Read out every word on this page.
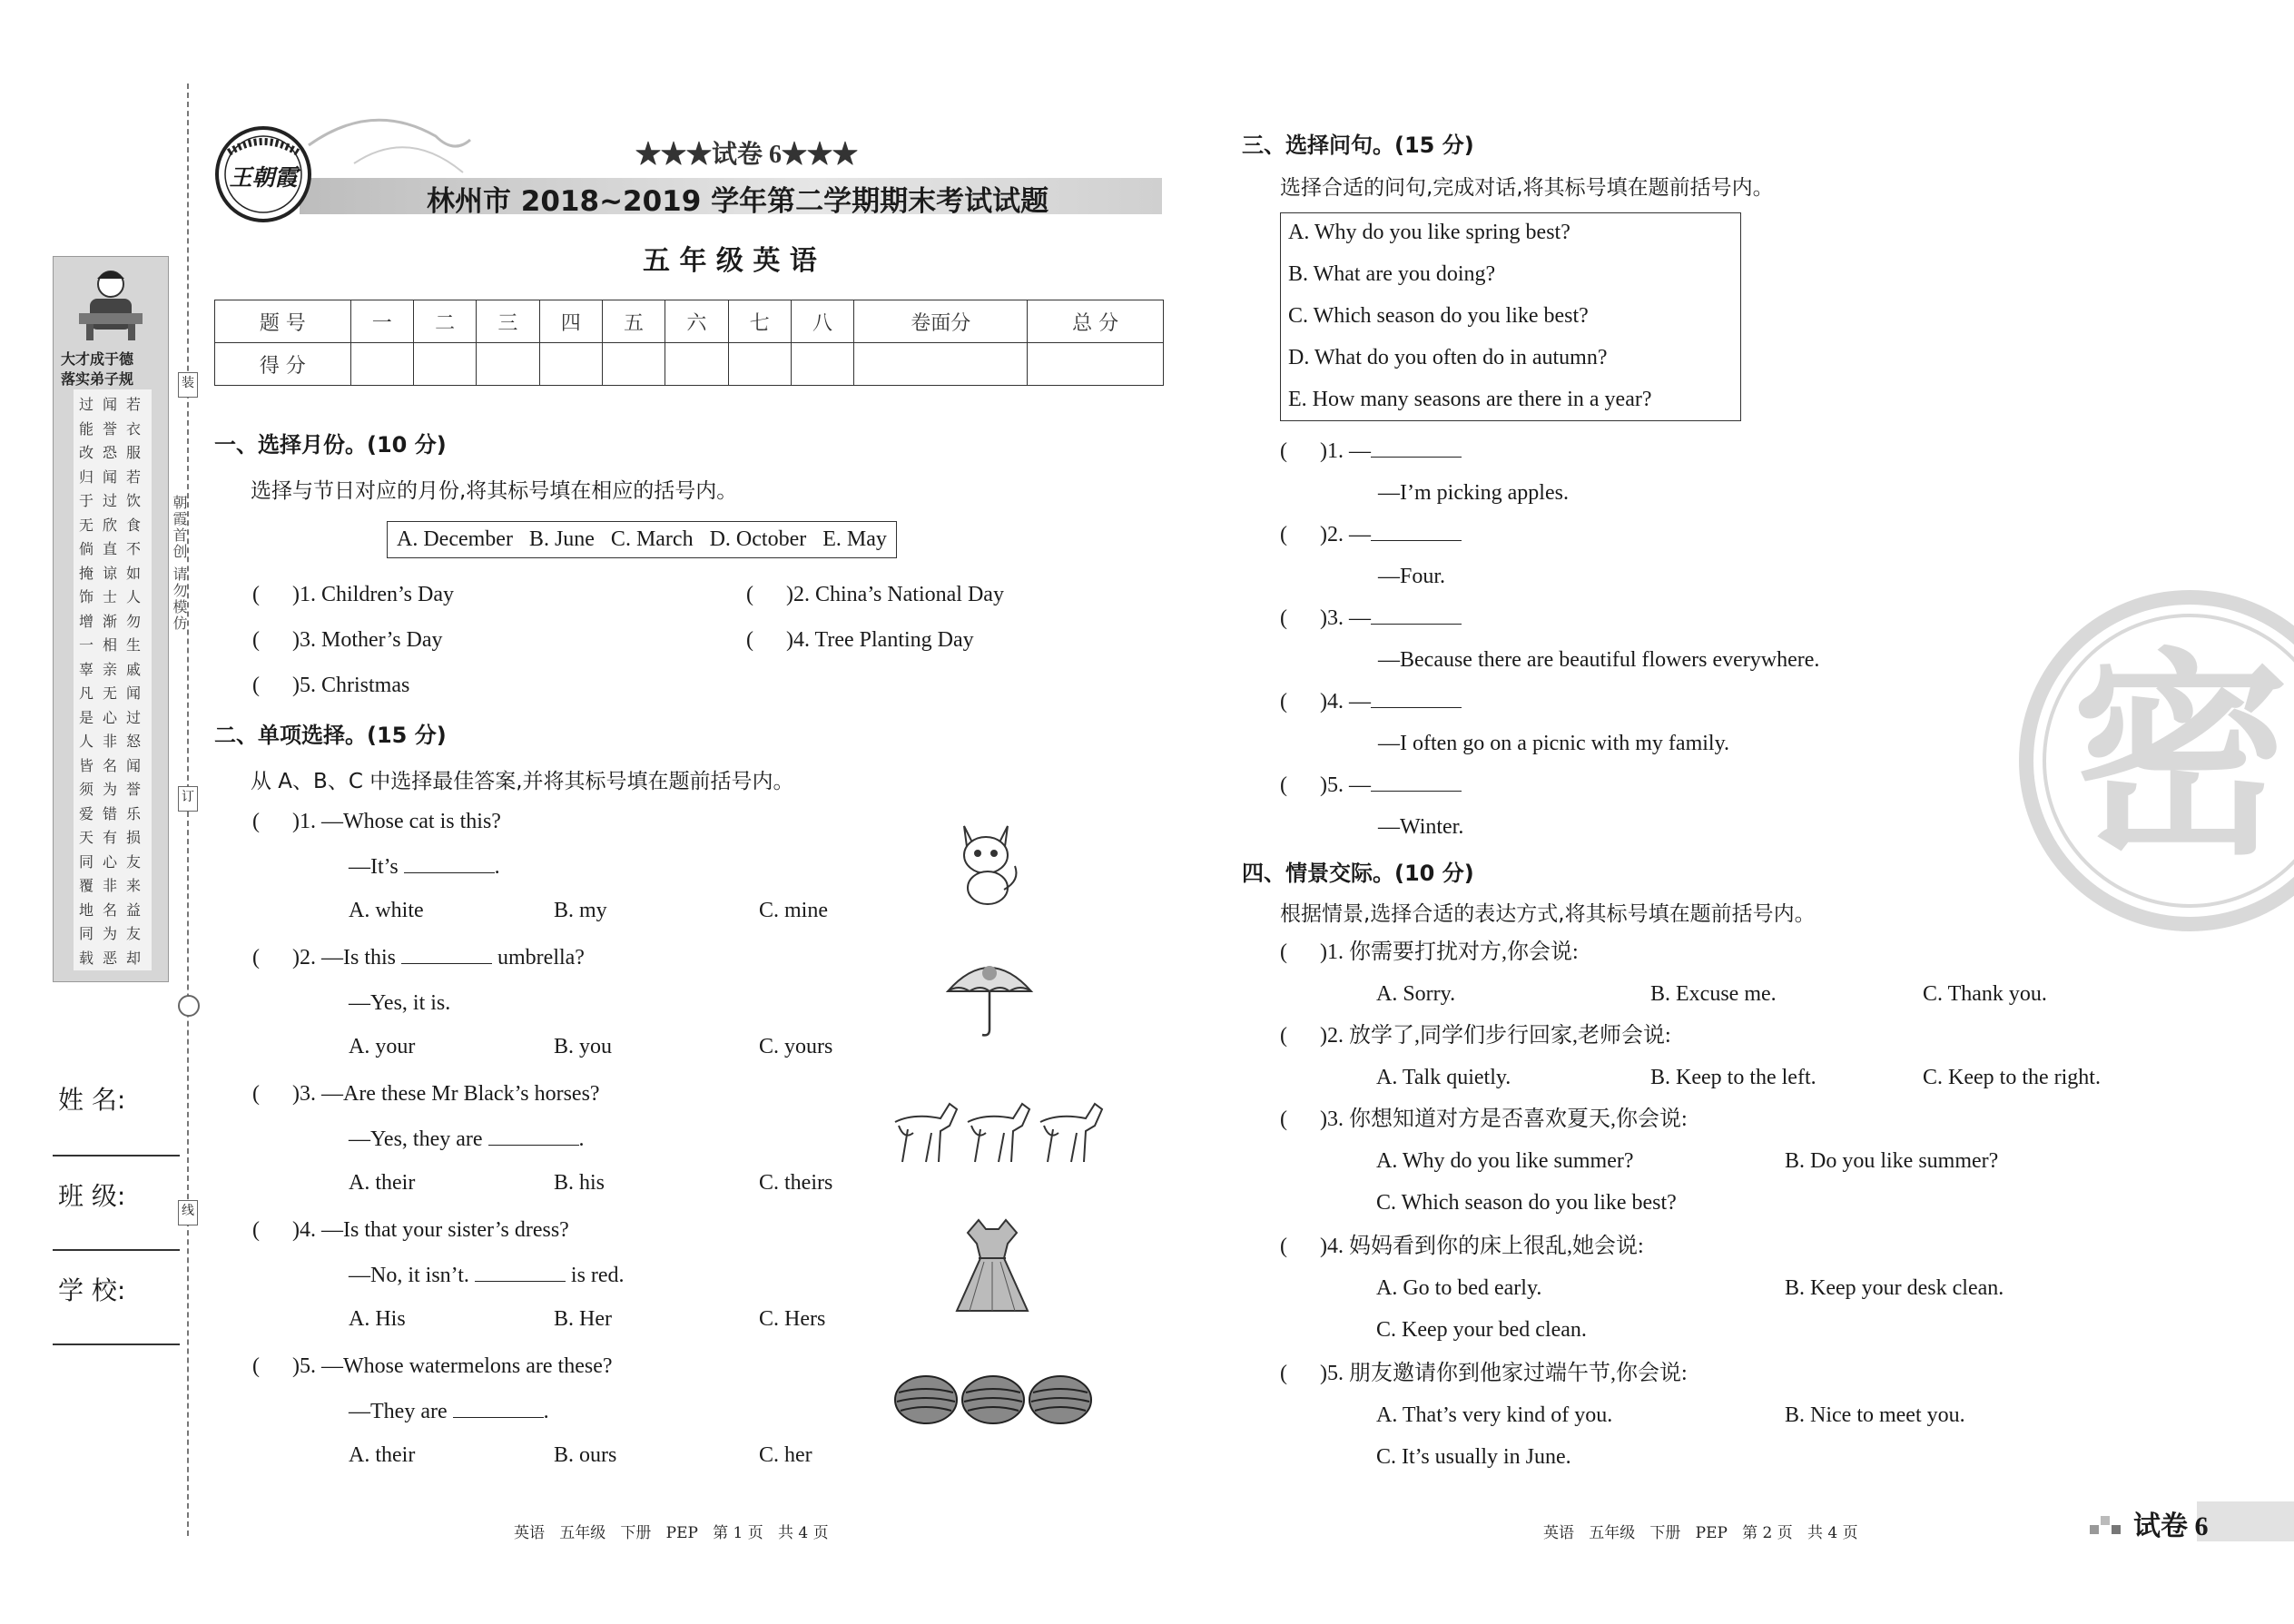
大才成于德
落实弟子规
过能改归于无倘掩饰增一辜凡是人皆须爱天同覆地同载
闻誉恐闻过欣直谅士渐相亲无心非名为错有心非名为恶
若衣服若饮食不如人勿生戚闻过怒闻誉乐损友来益友却
朝霞首创 请勿模仿
装
订
线
姓 名:
班 级:
学 校:
王朝霞
★★★试卷 6★★★
林州市 2018~2019 学年第二学期期末考试试题
五 年 级 英 语
题 号	一	二	三	四	五	六	七	八	卷面分	总 分
得 分										
一、选择月份。(10 分)
选择与节日对应的月份,将其标号填在相应的括号内。
A. December   B. June   C. March   D. October   E. May
(      )1. Children’s Day	(      )2. China’s National Day
(      )3. Mother’s Day	(      )4. Tree Planting Day
(      )5. Christmas
二、单项选择。(15 分)
从 A、B、C 中选择最佳答案,并将其标号填在题前括号内。
(      )1. —Whose cat is this?
—It’s	.
A. white	B. my	C. mine
(      )2. —Is this	umbrella?
—Yes, it is.
A. your	B. you	C. yours
(      )3. —Are these Mr Black’s horses?
—Yes, they are	.
A. their	B. his	C. theirs
(      )4. —Is that your sister’s dress?
—No, it isn’t.	is red.
A. His	B. Her	C. Hers
(      )5. —Whose watermelons are these?
—They are	.
A. their	B. ours	C. her
英语   五年级   下册   PEP   第 1 页   共 4 页
密
三、选择问句。(15 分)
选择合适的问句,完成对话,将其标号填在题前括号内。
A. Why do you like spring best?
B. What are you doing?
C. Which season do you like best?
D. What do you often do in autumn?
E. How many seasons are there in a year?
(      )1. —
—I’m picking apples.
(      )2. —
—Four.
(      )3. —
—Because there are beautiful flowers everywhere.
(      )4. —
—I often go on a picnic with my family.
(      )5. —
—Winter.
四、情景交际。(10 分)
根据情景,选择合适的表达方式,将其标号填在题前括号内。
(      )1. 你需要打扰对方,你会说:
A. Sorry.	B. Excuse me.	C. Thank you.
(      )2. 放学了,同学们步行回家,老师会说:
A. Talk quietly.	B. Keep to the left.	C. Keep to the right.
(      )3. 你想知道对方是否喜欢夏天,你会说:
A. Why do you like summer?	B. Do you like summer?
C. Which season do you like best?
(      )4. 妈妈看到你的床上很乱,她会说:
A. Go to bed early.	B. Keep your desk clean.
C. Keep your bed clean.
(      )5. 朋友邀请你到他家过端午节,你会说:
A. That’s very kind of you.	B. Nice to meet you.
C. It’s usually in June.
英语   五年级   下册   PEP   第 2 页   共 4 页	试卷 6
